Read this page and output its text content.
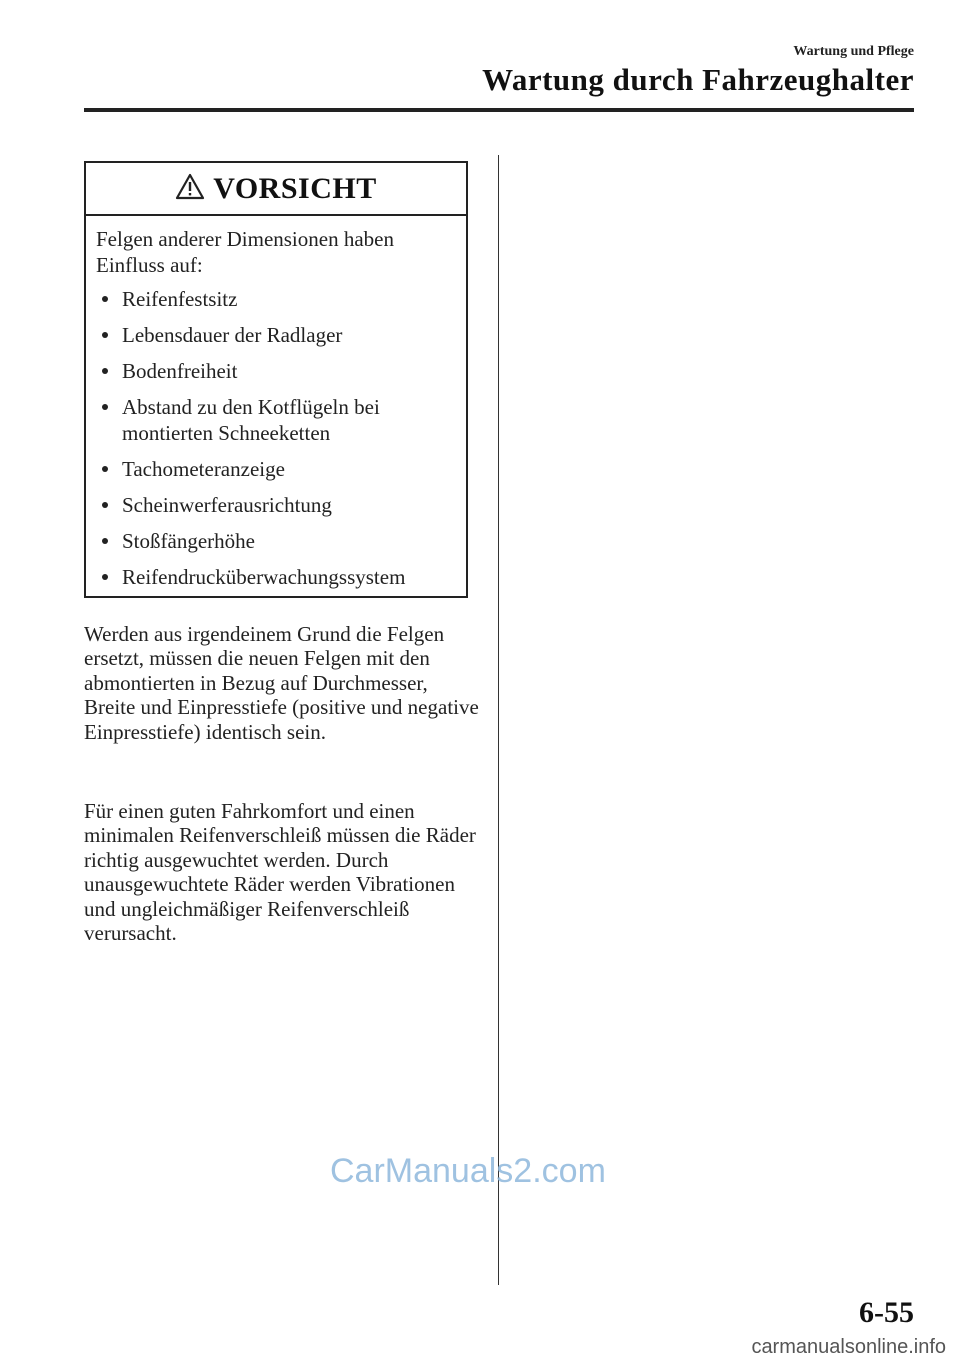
Wartung und Pflege
Wartung durch Fahrzeughalter
VORSICHT

Felgen anderer Dimensionen haben Einfluss auf:

Reifenfestsitz
Lebensdauer der Radlager
Bodenfreiheit
Abstand zu den Kotflügeln bei montierten Schneeketten
Tachometeranzeige
Scheinwerferausrichtung
Stoßfängerhöhe
Reifendrucküberwachungssystem

Werden aus irgendeinem Grund die Felgen ersetzt, müssen die neuen Felgen mit den abmontierten in Bezug auf Durchmesser, Breite und Einpresstiefe (positive und negative Einpresstiefe) identisch sein.

Für einen guten Fahrkomfort und einen minimalen Reifenverschleiß müssen die Räder richtig ausgewuchtet werden. Durch unausgewuchtete Räder werden Vibrationen und ungleichmäßiger Reifenverschleiß verursacht.

CarManuals2.com
6-55
carmanualsonline.info
